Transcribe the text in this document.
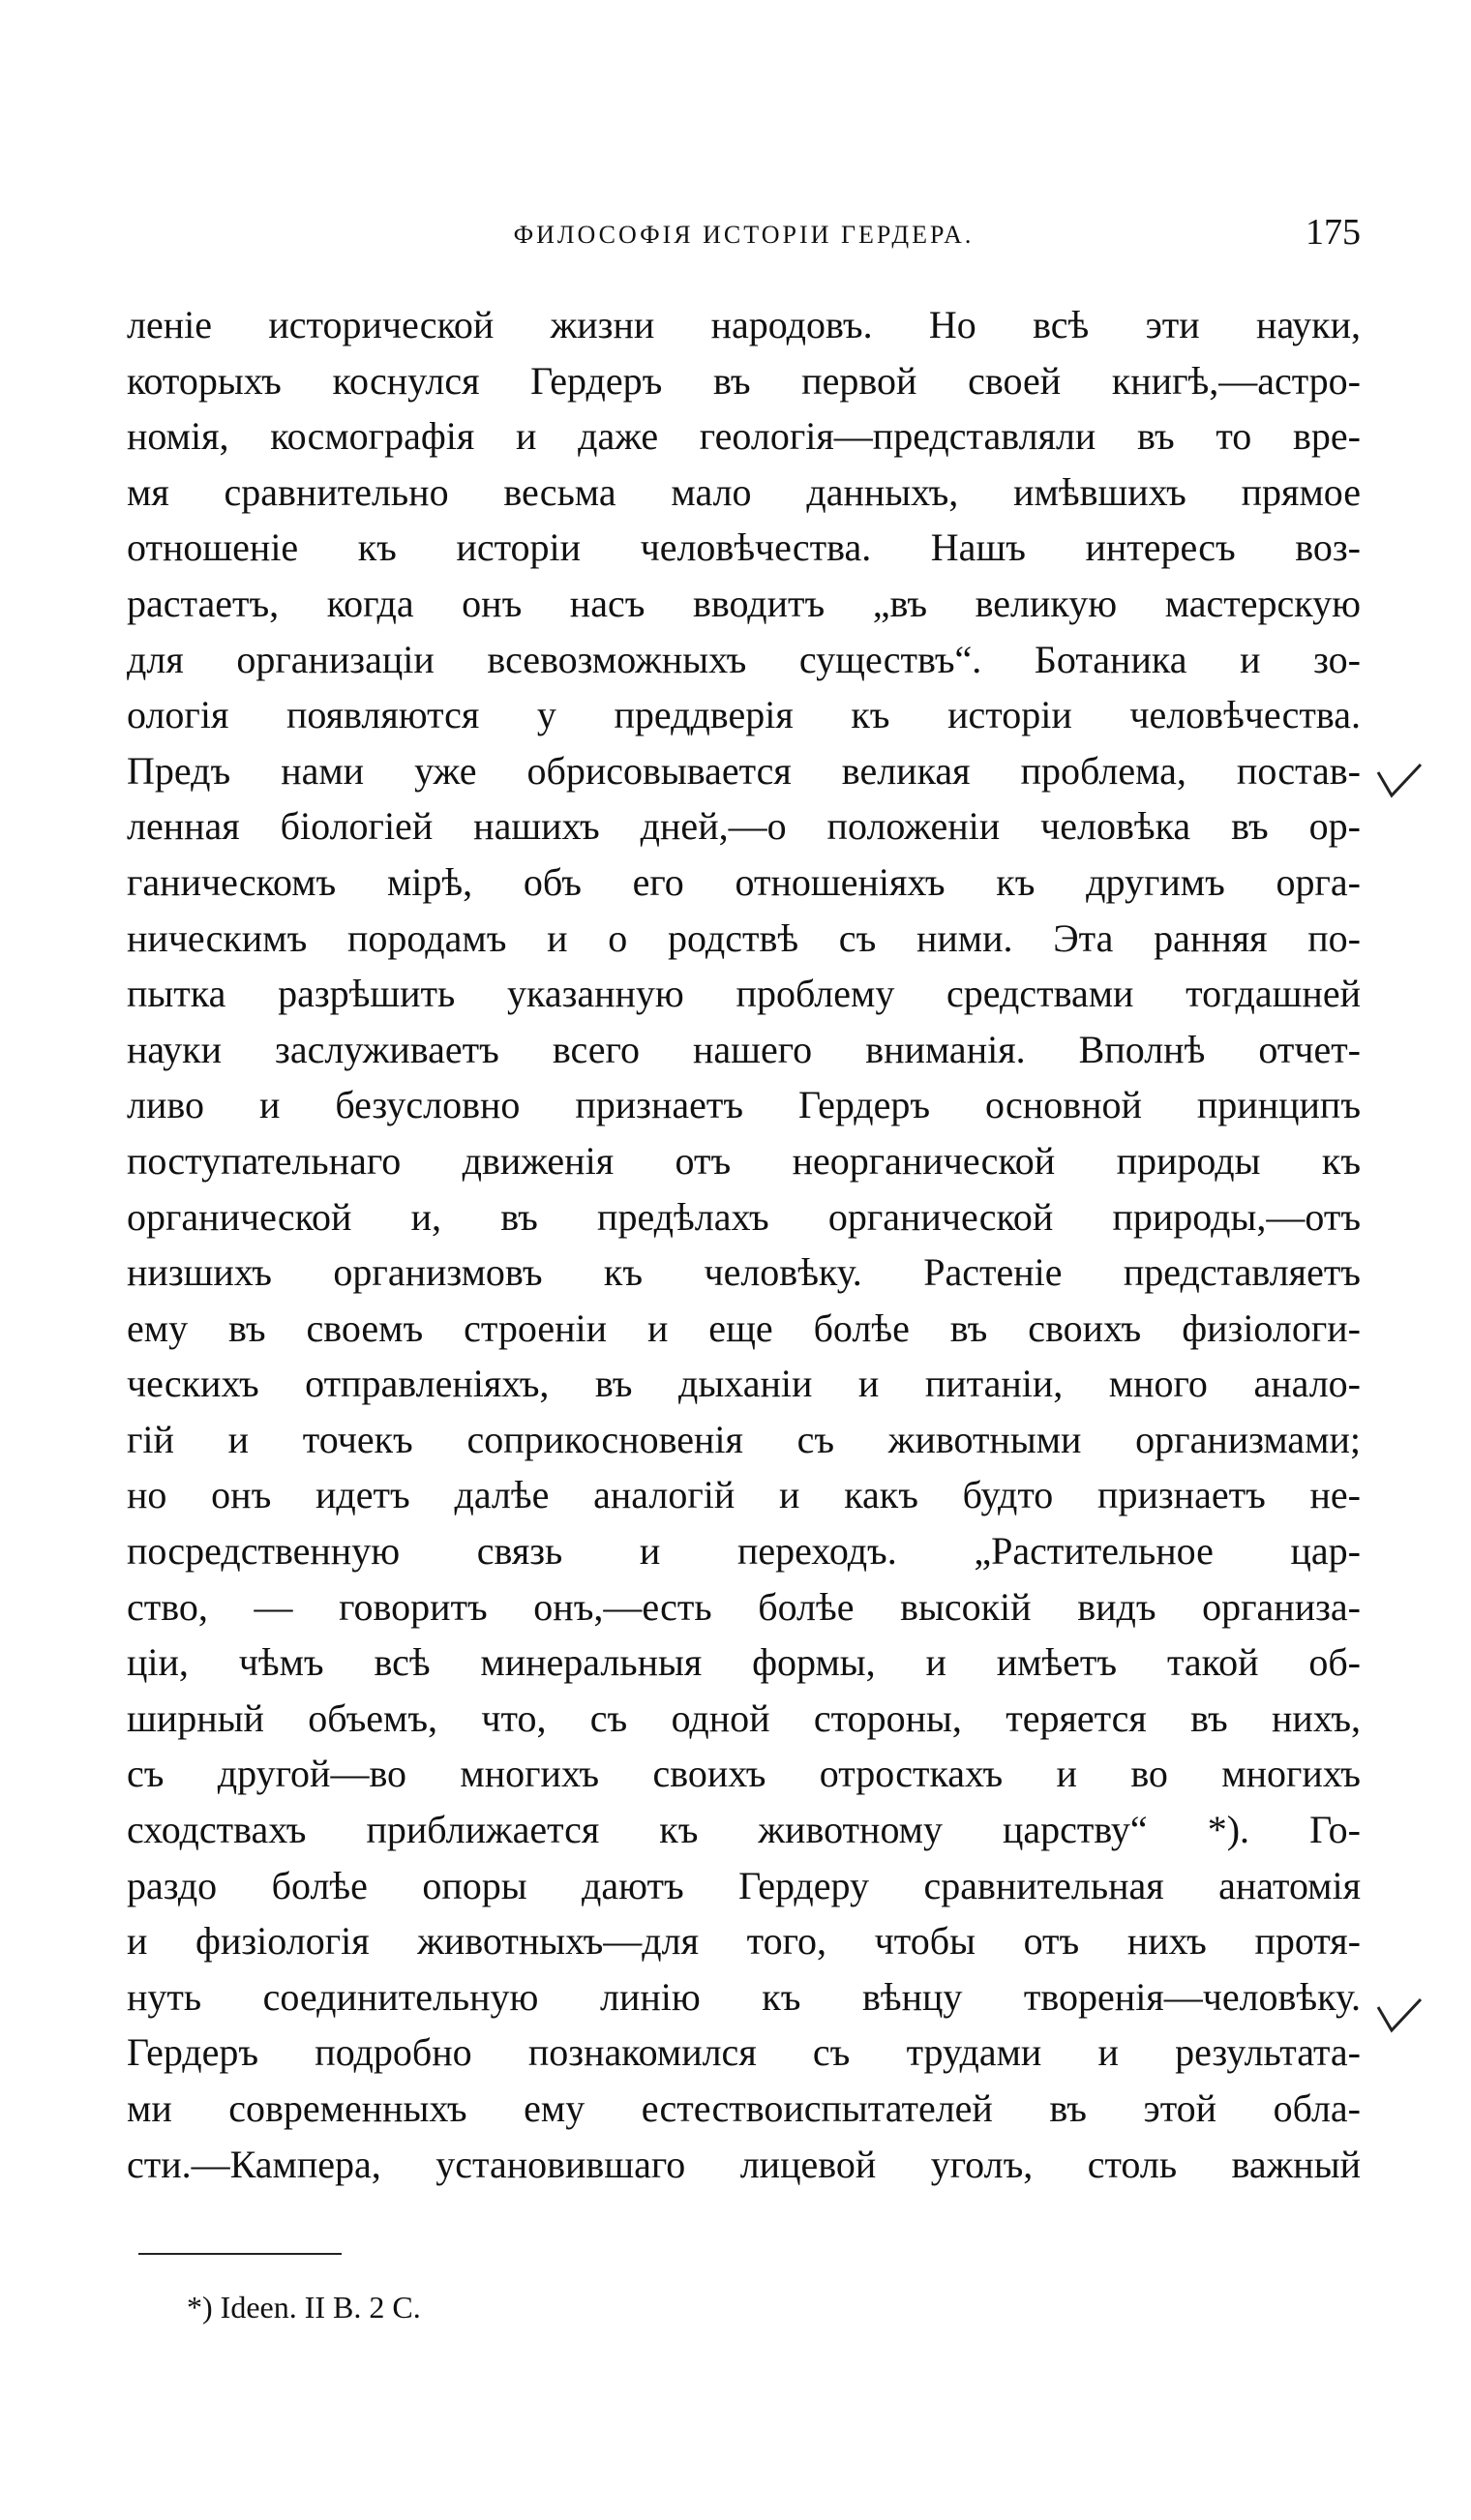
ФИЛОСОФІЯ ИСТОРІИ ГЕРДЕРА.	175
леніе исторической жизни народовъ. Но всѣ эти науки,
которыхъ коснулся Гердеръ въ первой своей книгѣ,—астро-
номія, космографія и даже геологія—представляли въ то вре-
мя сравнительно весьма мало данныхъ, имѣвшихъ прямое
отношеніе къ исторіи человѣчества. Нашъ интересъ воз-
растаетъ, когда онъ насъ вводитъ „въ великую мастерскую
для организаціи всевозможныхъ существъ“. Ботаника и зо-
ологія появляются у преддверія къ исторіи человѣчества.
Предъ нами уже обрисовывается великая проблема, постав-
ленная біологіей нашихъ дней,—о положеніи человѣка въ ор-
ганическомъ мірѣ, объ его отношеніяхъ къ другимъ орга-
ническимъ породамъ и о родствѣ съ ними. Эта ранняя по-
пытка разрѣшить указанную проблему средствами тогдашней
науки заслуживаетъ всего нашего вниманія. Вполнѣ отчет-
ливо и безусловно признаетъ Гердеръ основной принципъ
поступательнаго движенія отъ неорганической природы къ
органической и, въ предѣлахъ органической природы,—отъ
низшихъ организмовъ къ человѣку. Растеніе представляетъ
ему въ своемъ строеніи и еще болѣе въ своихъ физіологи-
ческихъ отправленіяхъ, въ дыханіи и питаніи, много анало-
гій и точекъ соприкосновенія съ животными организмами;
но онъ идетъ далѣе аналогій и какъ будто признаетъ не-
посредственную связь и переходъ. „Растительное цар-
ство, — говоритъ онъ,—есть болѣе высокій видъ организа-
ціи, чѣмъ всѣ минеральныя формы, и имѣетъ такой об-
ширный объемъ, что, съ одной стороны, теряется въ нихъ,
съ другой—во многихъ своихъ отросткахъ и во многихъ
сходствахъ приближается къ животному царству“ *). Го-
раздо болѣе опоры даютъ Гердеру сравнительная анатомія
и физіологія животныхъ—для того, чтобы отъ нихъ протя-
нуть соединительную линію къ вѣнцу творенія—человѣку.
Гердеръ подробно познакомился съ трудами и результата-
ми современныхъ ему естествоиспытателей въ этой обла-
сти.—Кампера, установившаго лицевой уголъ, столь важный
*) Ideen. II B. 2 C.
